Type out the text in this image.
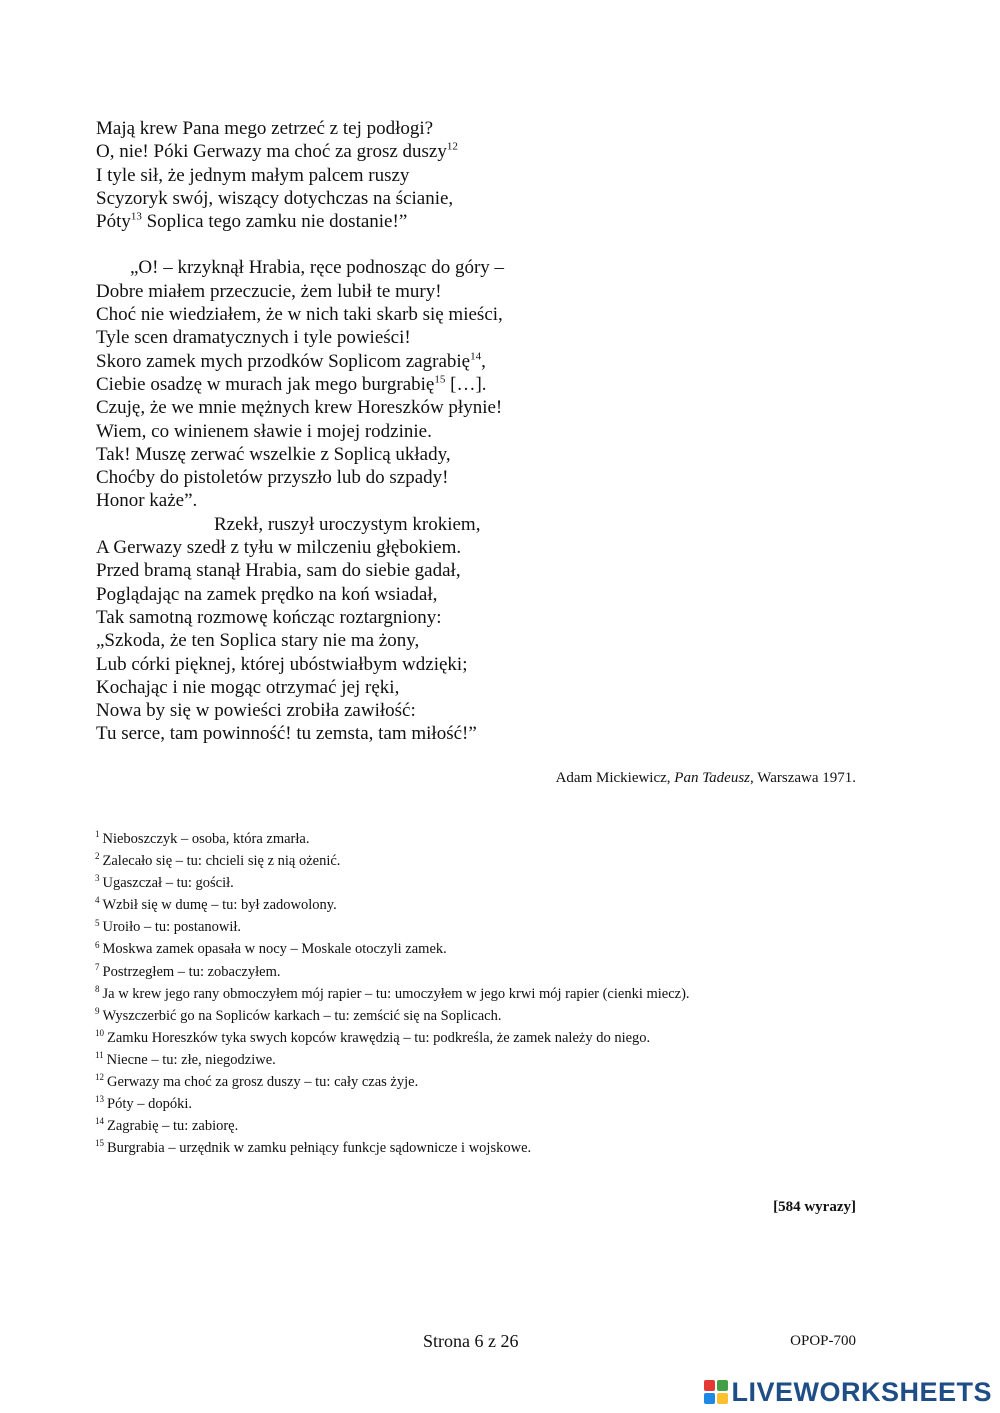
Mają krew Pana mego zetrzeć z tej podłogi?
O, nie! Póki Gerwazy ma choć za grosz duszy$^{12}$
I tyle sił, że jednym małym palcem ruszy
Scyzoryk swój, wiszący dotychczas na ścianie,
Póty$^{13}$ Soplica tego zamku nie dostanie!”
„O! – krzyknął Hrabia, ręce podnosząc do góry –
Dobre miałem przeczucie, żem lubił te mury!
Choć nie wiedziałem, że w nich taki skarb się mieści,
Tyle scen dramatycznych i tyle powieści!
Skoro zamek mych przodków Soplicom zagrabię$^{14}$,
Ciebie osadzę w murach jak mego burgrabię$^{15}$ […].
Czuję, że we mnie mężnych krew Horeszków płynie!
Wiem, co winienem sławie i mojej rodzinie.
Tak! Muszę zerwać wszelkie z Soplicą układy,
Choćby do pistoletów przyszło lub do szpady!
Honor każe”.
Rzekł, ruszył uroczystym krokiem,
A Gerwazy szedł z tyłu w milczeniu głębokiem.
Przed bramą stanął Hrabia, sam do siebie gadał,
Poglądając na zamek prędko na koń wsiadał,
Tak samotną rozmowę kończąc roztargniony:
„Szkoda, że ten Soplica stary nie ma żony,
Lub córki pięknej, której ubóstwiałbym wdzięki;
Kochając i nie mogąc otrzymać jej ręki,
Nowa by się w powieści zrobiła zawiłość:
Tu serce, tam powinność! tu zemsta, tam miłość!”
Adam Mickiewicz, Pan Tadeusz, Warszawa 1971.
$^1$ Nieboszczyk – osoba, która zmarła.
$^2$ Zalecało się – tu: chcieli się z nią ożenić.
$^3$ Ugaszczał – tu: gościł.
$^4$ Wzbił się w dumę – tu: był zadowolony.
$^5$ Uroiło – tu: postanowił.
$^6$ Moskwa zamek opasała w nocy – Moskale otoczyli zamek.
$^7$ Postrzegłem – tu: zobaczyłem.
$^8$ Ja w krew jego rany obmoczyłem mój rapier – tu: umoczyłem w jego krwi mój rapier (cienki miecz).
$^9$ Wyszczerbić go na Sopliców karkach – tu: zemścić się na Soplicach.
$^{10}$ Zamku Horeszków tyka swych kopców krawędzią – tu: podkreśla, że zamek należy do niego.
$^{11}$ Niecne – tu: złe, niegodziwe.
$^{12}$ Gerwazy ma choć za grosz duszy – tu: cały czas żyje.
$^{13}$ Póty – dopóki.
$^{14}$ Zagrabię – tu: zabiorę.
$^{15}$ Burgrabia – urzędnik w zamku pełniący funkcje sądownicze i wojskowe.
[584 wyrazy]
Strona 6 z 26	OPOP-700
LIVEWORKSHEETS
